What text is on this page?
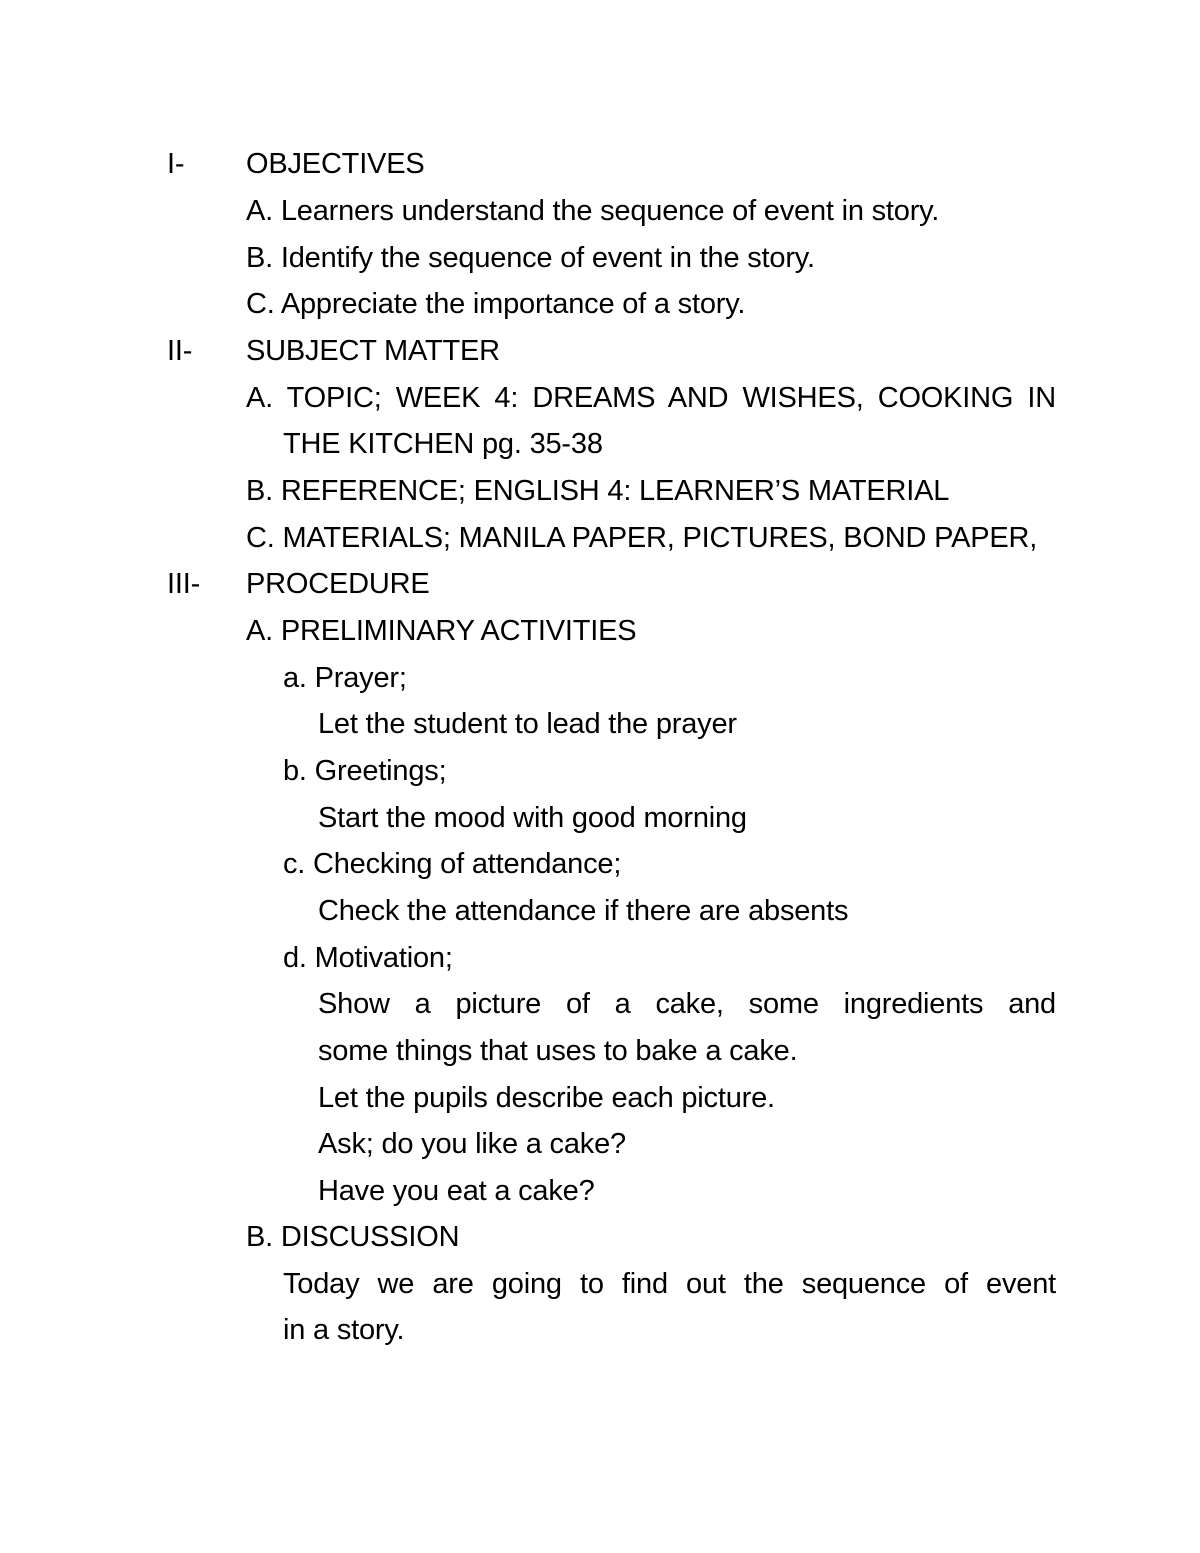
I- OBJECTIVES
A. Learners understand the sequence of event in story.
B. Identify the sequence of event in the story.
C. Appreciate the importance of a story.
II- SUBJECT MATTER
A. TOPIC; WEEK 4: DREAMS AND WISHES, COOKING IN
THE KITCHEN pg. 35-38
B. REFERENCE; ENGLISH 4: LEARNER’S MATERIAL
C. MATERIALS; MANILA PAPER, PICTURES, BOND PAPER,
III- PROCEDURE
A. PRELIMINARY ACTIVITIES
a. Prayer;
Let the student to lead the prayer
b. Greetings;
Start the mood with good morning
c. Checking of attendance;
Check the attendance if there are absents
d. Motivation;
Show a picture of a cake, some ingredients and
some things that uses to bake a cake.
Let the pupils describe each picture.
Ask; do you like a cake?
Have you eat a cake?
B. DISCUSSION
Today we are going to find out the sequence of event
in a story.
